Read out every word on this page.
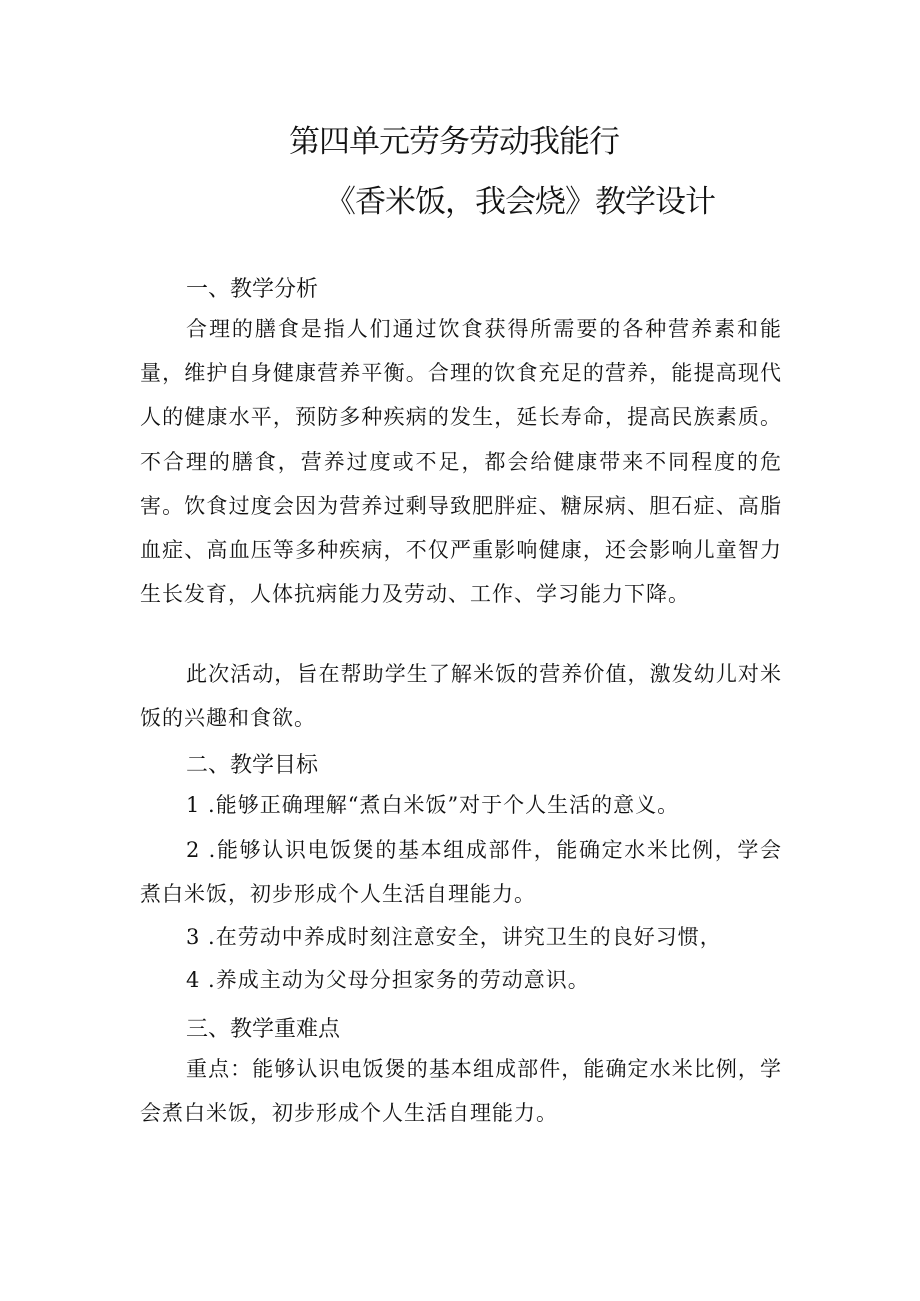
第四单元劳务劳动我能行
《香米饭，我会烧》教学设计
一、教学分析

合理的膳食是指人们通过饮食获得所需要的各种营养素和能量，维护自身健康营养平衡。合理的饮食充足的营养，能提高现代人的健康水平，预防多种疾病的发生，延长寿命，提高民族素质。不合理的膳食，营养过度或不足，都会给健康带来不同程度的危害。饮食过度会因为营养过剩导致肥胖症、糖尿病、胆石症、高脂血症、高血压等多种疾病，不仅严重影响健康，还会影响儿童智力生长发育，人体抗病能力及劳动、工作、学习能力下降。

此次活动，旨在帮助学生了解米饭的营养价值，激发幼儿对米饭的兴趣和食欲。

二、教学目标

1 .能够正确理解“煮白米饭”对于个人生活的意义。

2 .能够认识电饭煲的基本组成部件，能确定水米比例，学会煮白米饭，初步形成个人生活自理能力。

3 .在劳动中养成时刻注意安全，讲究卫生的良好习惯，

4 .养成主动为父母分担家务的劳动意识。

三、教学重难点

重点：能够认识电饭煲的基本组成部件，能确定水米比例，学会煮白米饭，初步形成个人生活自理能力。
